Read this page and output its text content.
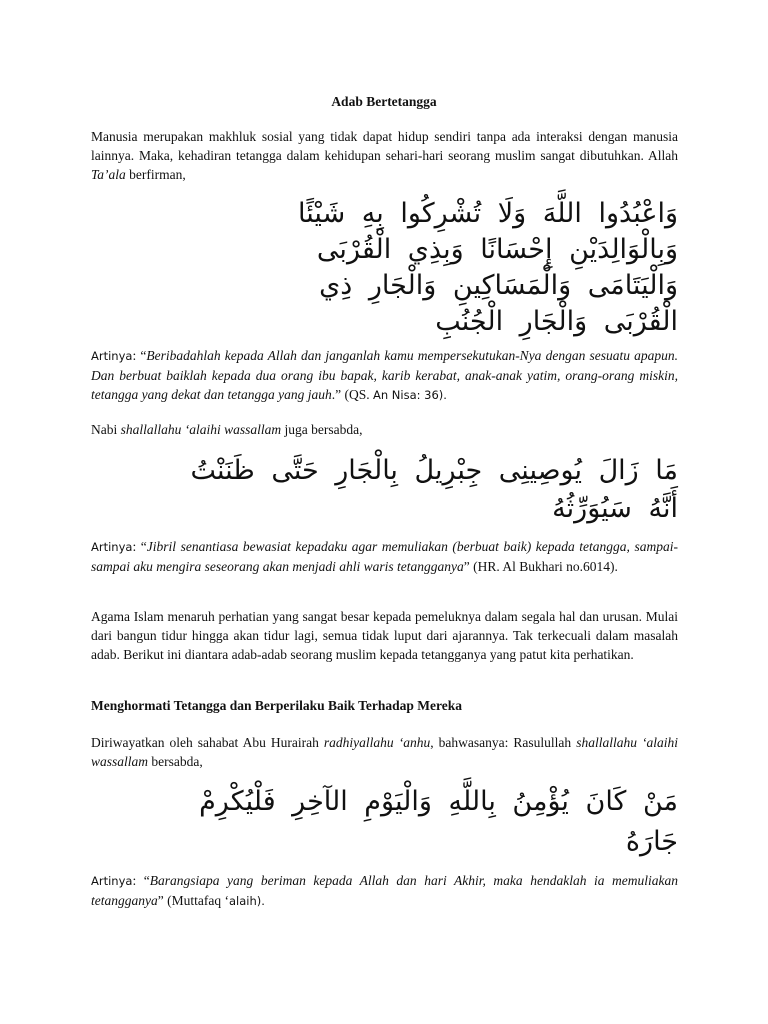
Adab Bertetangga

Manusia merupakan makhluk sosial yang tidak dapat hidup sendiri tanpa ada interaksi dengan manusia lainnya. Maka, kehadiran tetangga dalam kehidupan sehari-hari seorang muslim sangat dibutuhkan. Allah Ta’ala berfirman,

وَاعْبُدُوا اللَّهَ وَلَا تُشْرِكُوا بِهِ شَيْئًا
وَبِالْوَالِدَيْنِ إِحْسَانًا وَبِذِي الْقُرْبَى
وَالْيَتَامَى وَالْمَسَاكِينِ وَالْجَارِ ذِي
الْقُرْبَى وَالْجَارِ الْجُنُبِ

Artinya: “Beribadahlah kepada Allah dan janganlah kamu mempersekutukan-Nya dengan sesuatu apapun. Dan berbuat baiklah kepada dua orang ibu bapak, karib kerabat, anak-anak yatim, orang-orang miskin, tetangga yang dekat dan tetangga yang jauh.” (QS. An Nisa: 36).

Nabi shallallahu ‘alaihi wassallam juga bersabda,

مَا زَالَ يُوصِينِى جِبْرِيلُ بِالْجَارِ حَتَّى ظَنَنْتُ
أَنَّهُ سَيُوَرِّثُهُ

Artinya: “Jibril senantiasa bewasiat kepadaku agar memuliakan (berbuat baik) kepada tetangga, sampai-sampai aku mengira seseorang akan menjadi ahli waris tetangganya” (HR. Al Bukhari no.6014).

Agama Islam menaruh perhatian yang sangat besar kepada pemeluknya dalam segala hal dan urusan. Mulai dari bangun tidur hingga akan tidur lagi, semua tidak luput dari ajarannya. Tak terkecuali dalam masalah adab. Berikut ini diantara adab-adab seorang muslim kepada tetangganya yang patut kita perhatikan.

Menghormati Tetangga dan Berperilaku Baik Terhadap Mereka

Diriwayatkan oleh sahabat Abu Hurairah radhiyallahu ‘anhu, bahwasanya: Rasulullah shallallahu ‘alaihi wassallam bersabda,

مَنْ كَانَ يُؤْمِنُ بِاللَّهِ وَالْيَوْمِ الآخِرِ فَلْيُكْرِمْ
جَارَهُ

Artinya: “Barangsiapa yang beriman kepada Allah dan hari Akhir, maka hendaklah ia memuliakan tetangganya” (Muttafaq ‘alaih).
